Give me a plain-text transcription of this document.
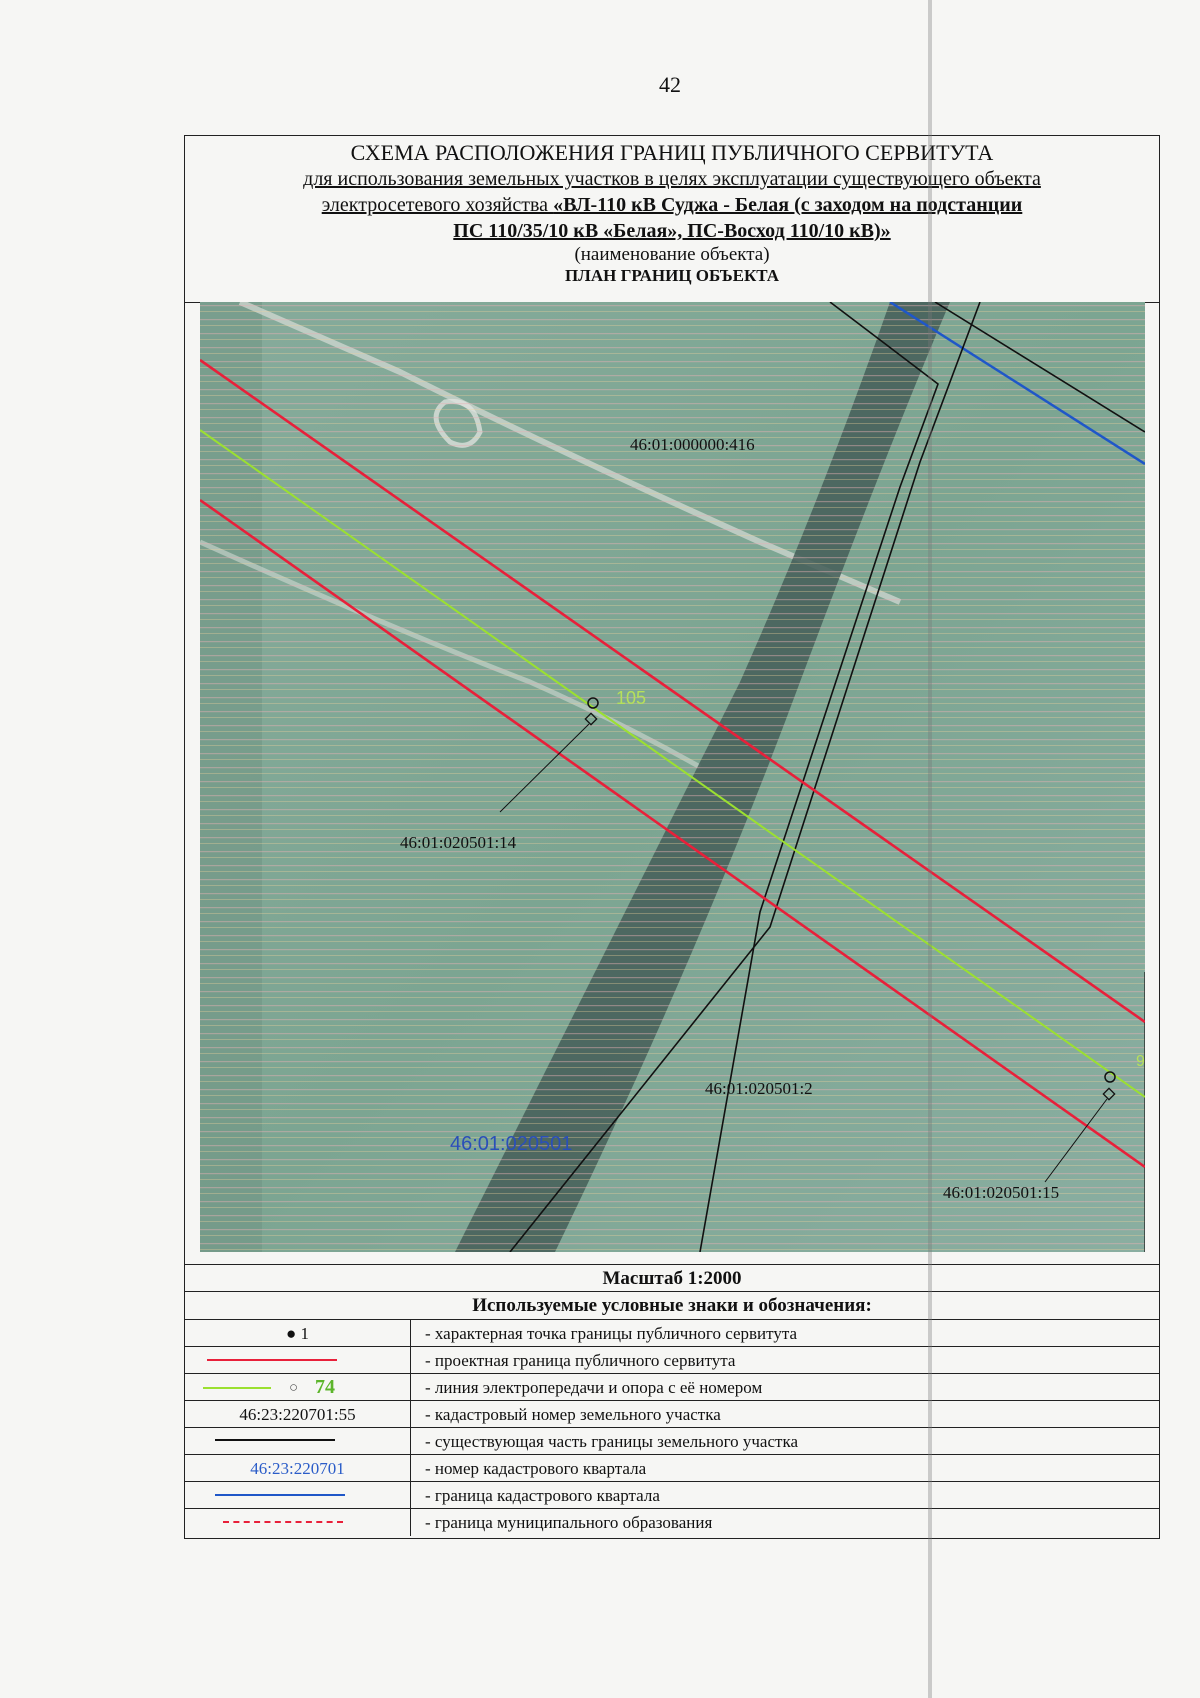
42
СХЕМА РАСПОЛОЖЕНИЯ ГРАНИЦ ПУБЛИЧНОГО СЕРВИТУТА
для использования земельных участков в целях эксплуатации существующего объекта
электросетевого хозяйства «ВЛ-110 кВ Суджа - Белая (с заходом на подстанции
ПС 110/35/10 кВ «Белая», ПС-Восход 110/10 кВ)»
(наименование объекта)
ПЛАН ГРАНИЦ ОБЪЕКТА
46:01:000000:416
105
46:01:020501:14
46:01:020501:2
46:01:020501
46:01:020501:15
9
Масштаб 1:2000
Используемые условные знаки и обозначения:
● 1	- характерная точка границы публичного сервитута
- проектная граница публичного сервитута
○ 74	- линия электропередачи и опора с её номером
46:23:220701:55	- кадастровый номер земельного участка
- существующая часть границы земельного участка
46:23:220701	- номер кадастрового квартала
- граница кадастрового квартала
- граница муниципального образования
